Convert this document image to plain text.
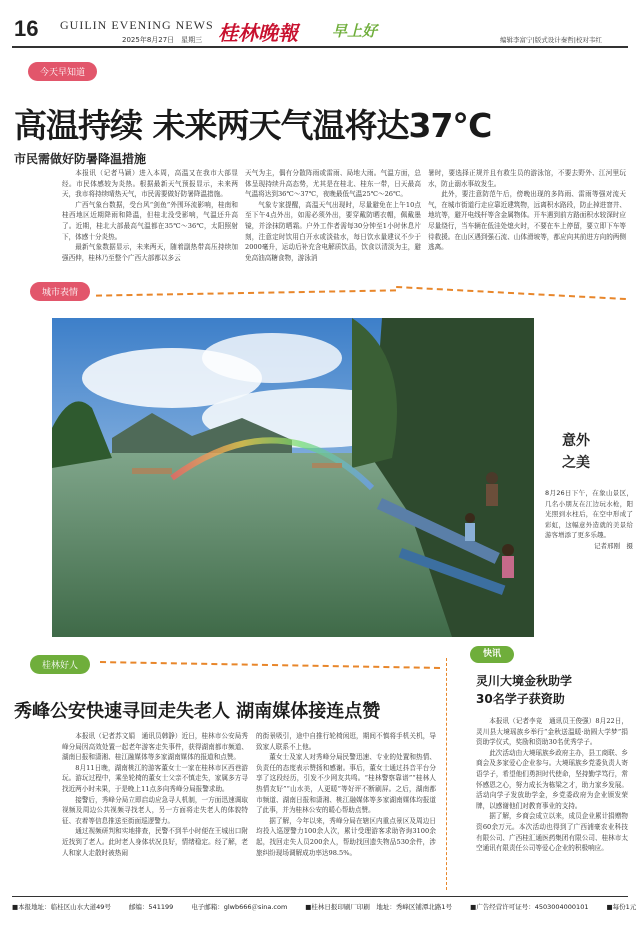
16 GUILIN EVENING NEWS
2025年8月27日　星期三 桂林晚報 早上好	编辑李富宁|版式设计秦哲|校对韦红
今天早知道
高温持续 未来两天气温将达37℃
市民需做好防暑降温措施

本报讯（记者马颖）进入本周，高温又在我市大部显经。市民体感较为炎热。根据最新天气预报显示，未来两天，我市将持续晴热天气，市民需要做好防暑降温措施。

广西气象台数据，受台风“剑鱼”外围环流影响，桂南和桂西地区近期降雨和降温，但桂北没受影响，气温还升高了。近期，桂北大部最高气温都在35℃～36℃，太阳照射下，体感十分炎热。

最新气象数据显示，未来两天，随着副热带高压持续加强西伸，桂林乃至整个广西大部都以多云

天气为主，偶有分散阵雨或雷雨、局地大雨。气温方面，总体呈现持续升高态势，尤其是在桂北、桂东一带，日天最高气温将达到36℃～37℃，夜晚最低气温25℃～26℃。

气象专家提醒，高温天气出现时，尽量避免在上午10点至下午4点外出，如需必须外出，要穿戴防晒衣帽，佩戴墨镜，并涂抹防晒霜。户外工作者需每30分钟至1小时休息片刻，注意定时饮用白开水或淡盐水，每日饮水量建议不少于2000毫升，运动后补充含电解质饮品，饮食以清淡为主，避免高油高糖食物，游泳消

暑时，要选择正规并且有救生员的游泳馆，不要去野外、江河里玩水，防止溺水事故发生。

此外，要注意防范午后，傍晚出现的多阵雨、雷雨等强对流天气，在城市街道行走应靠近建筑物，远离积水路段，防止掉进窨井、地坑等，避开电线杆等含金属物体。开车遇到前方路面积水较深时应尽量绕行，当车辆在低洼处熄火时，不要在车上停留，要立即下车等待救援。在山区遇到强石流、山体滑坡等，都应向其前进方向的两侧逃离。

城市表情
意外
之美
8月26日下午，在象山景区，几名小朋友在江边玩水枪，阳光照到水柱后，在空中形成了彩虹，这幅意外造就的美景给游客增添了更多乐趣。
记者邢刚　摄
桂林好人
秀峰公安快速寻回走失老人 湖南媒体接连点赞

本报讯（记者苏文娟　通讯员韩静）近日，桂林市公安局秀峰分局因高效处置一起老年游客走失事件，获得湖南都市频道、湖南日报和潇湘、桂江融媒体等多家湖南媒体的报道和点赞。

8月11日晚，湖南桃江的游客董女士一家在桂林市区西巷游玩。游玩过程中，乘坐轮椅的董女士父亲不慎走失，家属多方寻找近两小时未果，于是晚上11点多向秀峰分局报警求助。

接警后，秀峰分局立即启动应急寻人机制，一方面迅速调取视频及周边公共视频寻找老人，另一方面将走失老人的体貌特征、衣着等信息推送至街面巡逻警力。

通过视频研判和实地排查，民警不到半小时便在王城出口附近找到了老人。此时老人身体状况良好，情绪稳定。经了解，老人和家人走散时被热闹

的街景吸引，途中自推行轮椅闲逛，期间不慎将手机关机，导致家人联系不上他。

董女士及家人对秀峰分局民警迅速、专业的处置和热情、负责任的态度表示赞扬和感谢。事后，董女士通过抖音平台分享了这段经历，引发不少网友共鸣。“桂林警察靠谱”“桂林人热情友好”“山水美，人更暖”等好评不断刷屏。之后，湖南都市频道、湖南日报和潇湘、桃江融媒体等多家湖南媒体均报道了此事，并为桂林公安的暖心帮助点赞。

据了解，今年以来，秀峰分局在辖区内重点景区及周边日均投入巡逻警力100余人次，累计受理游客求助咨询3100余起，找回走失人员200余人，帮助找回遗失物品530余件，涉旅纠纷现场调解成功率达98.5%。

快讯
灵川大境金秋助学
30名学子获资助

本报讯（记者李竞　通讯员王俊强）8月22日，灵川县大境瑶族乡举行“金秋送温暖·助圆大学梦”捐资助学仪式，奖励和资助30名优秀学子。

此次活动由大境瑶族乡政府主办，县工商联、乡商会及多家爱心企业参与。大境瑶族乡党委负责人寄语学子，希望他们勇担时代使命，坚持勤学笃行，常怀感恩之心，努力成长为栋梁之才，助力家乡发展。活动向学子发放助学金，乡党委政府为企业颁发荣牌，以感谢他们对教育事业的支持。

据了解，乡商会成立以来，成员企业累计捐赠物资60余万元。本次活动也得到了广西浦豪农业科技有限公司、广西桂汇通医药集团有限公司、桂林市太空通讯有限责任公司等爱心企业的积极响应。

■本报地址：临桂区山水大道49号	邮编：541199	电子邮箱：glwb666＠sina.com	■桂林日报印刷厂印刷　地址：秀峰区铺潭北路1号	■广告经营许可证号：4503004000101	■每份1元
